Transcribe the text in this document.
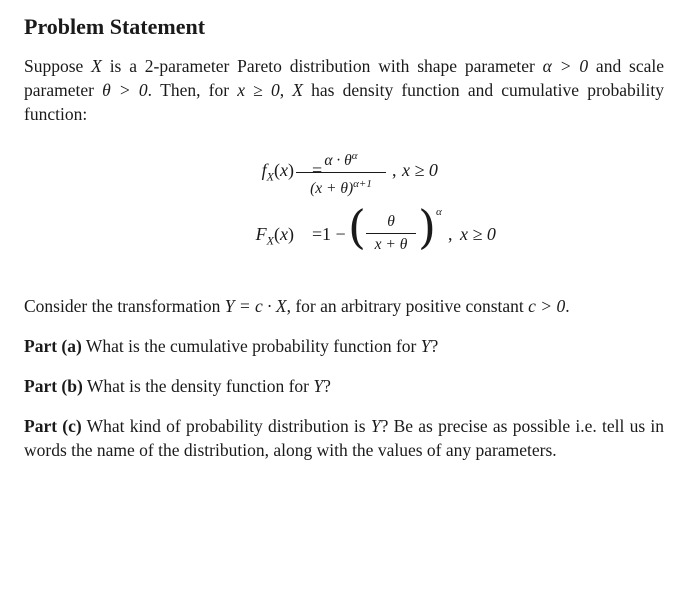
Problem Statement

Suppose X is a 2-parameter Pareto distribution with shape parameter α > 0 and scale parameter θ > 0. Then, for x ≥ 0, X has density function and cumulative probability function:

$f_X(x) = \alpha \cdot \theta^\alpha$
$(x + \theta)^{\alpha+1}$
, x ≥ 0
$F_X(x) = 1$ − (	θ
x + θ ) α
, x ≥ 0

Consider the transformation Y = c · X, for an arbitrary positive constant c > 0.

Part (a) What is the cumulative probability function for Y?

Part (b) What is the density function for Y?

Part (c) What kind of probability distribution is Y? Be as precise as possible i.e. tell us in words the name of the distribution, along with the values of any parameters.
